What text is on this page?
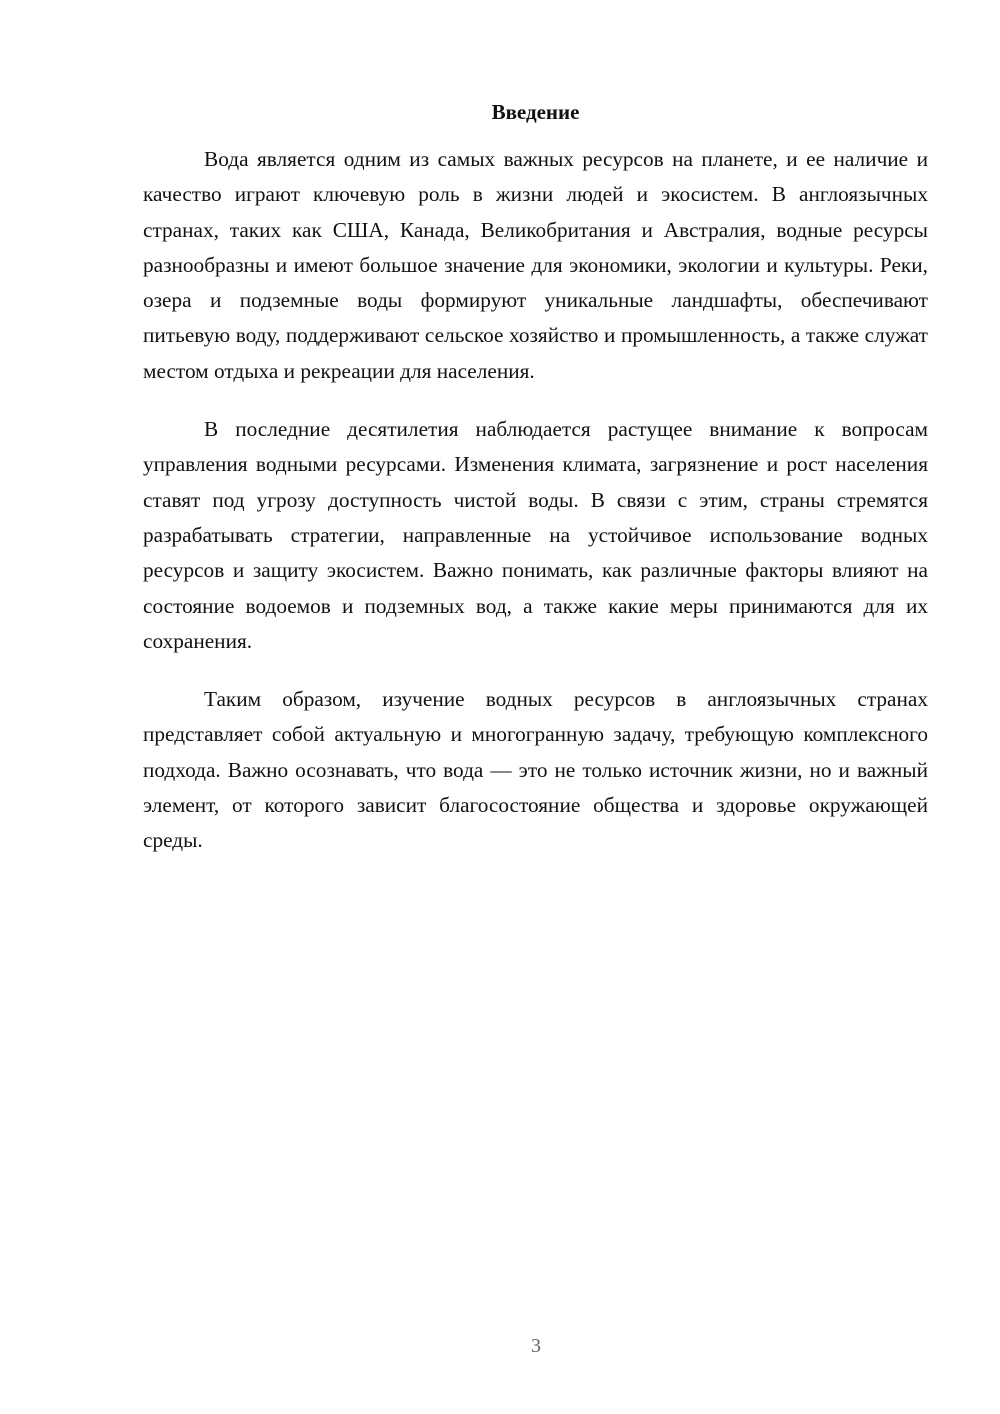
Введение

Вода является одним из самых важных ресурсов на планете, и ее наличие и качество играют ключевую роль в жизни людей и экосистем. В англоязычных странах, таких как США, Канада, Великобритания и Австралия, водные ресурсы разнообразны и имеют большое значение для экономики, экологии и культуры. Реки, озера и подземные воды формируют уникальные ландшафты, обеспечивают питьевую воду, поддерживают сельское хозяйство и промышленность, а также служат местом отдыха и рекреации для населения.

В последние десятилетия наблюдается растущее внимание к вопросам управления водными ресурсами. Изменения климата, загрязнение и рост населения ставят под угрозу доступность чистой воды. В связи с этим, страны стремятся разрабатывать стратегии, направленные на устойчивое использование водных ресурсов и защиту экосистем. Важно понимать, как различные факторы влияют на состояние водоемов и подземных вод, а также какие меры принимаются для их сохранения.

Таким образом, изучение водных ресурсов в англоязычных странах представляет собой актуальную и многогранную задачу, требующую комплексного подхода. Важно осознавать, что вода — это не только источник жизни, но и важный элемент, от которого зависит благосостояние общества и здоровье окружающей среды.

3
